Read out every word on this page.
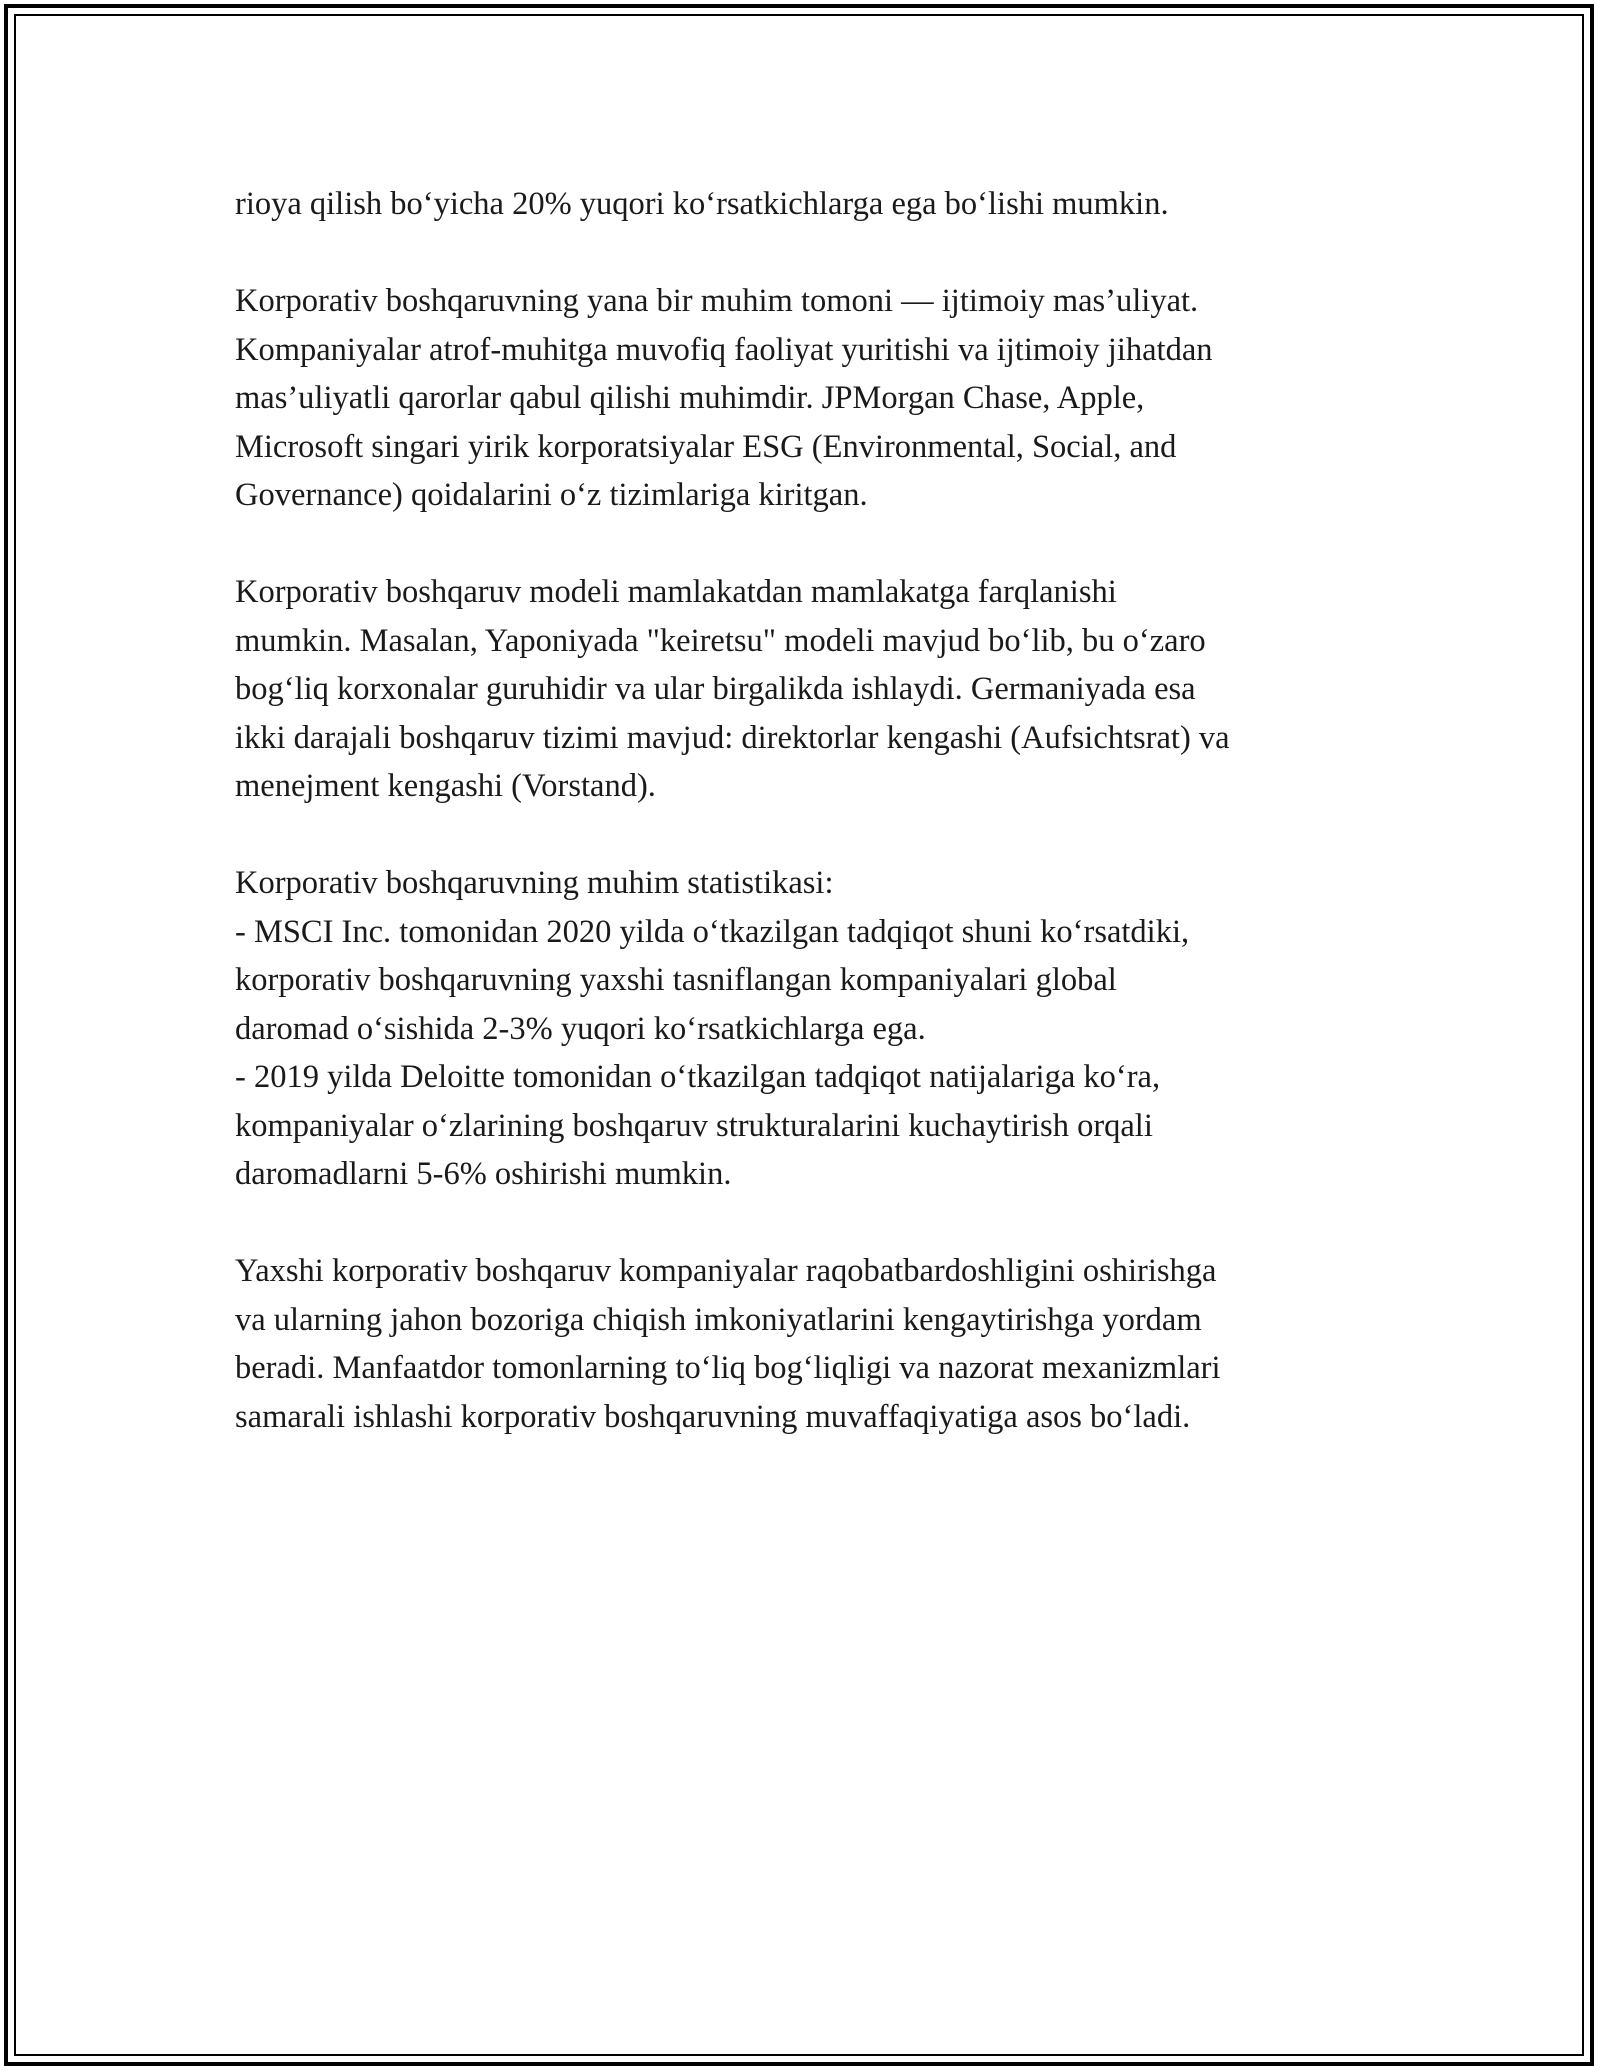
rioya qilish bo‘yicha 20% yuqori ko‘rsatkichlarga ega bo‘lishi mumkin.

Korporativ boshqaruvning yana bir muhim tomoni — ijtimoiy mas’uliyat.
Kompaniyalar atrof-muhitga muvofiq faoliyat yuritishi va ijtimoiy jihatdan
mas’uliyatli qarorlar qabul qilishi muhimdir. JPMorgan Chase, Apple,
Microsoft singari yirik korporatsiyalar ESG (Environmental, Social, and
Governance) qoidalarini o‘z tizimlariga kiritgan.

Korporativ boshqaruv modeli mamlakatdan mamlakatga farqlanishi
mumkin. Masalan, Yaponiyada "keiretsu" modeli mavjud bo‘lib, bu o‘zaro
bog‘liq korxonalar guruhidir va ular birgalikda ishlaydi. Germaniyada esa
ikki darajali boshqaruv tizimi mavjud: direktorlar kengashi (Aufsichtsrat) va
menejment kengashi (Vorstand).

Korporativ boshqaruvning muhim statistikasi:
- MSCI Inc. tomonidan 2020 yilda o‘tkazilgan tadqiqot shuni ko‘rsatdiki,
korporativ boshqaruvning yaxshi tasniflangan kompaniyalari global
daromad o‘sishida 2-3% yuqori ko‘rsatkichlarga ega.
- 2019 yilda Deloitte tomonidan o‘tkazilgan tadqiqot natijalariga ko‘ra,
kompaniyalar o‘zlarining boshqaruv strukturalarini kuchaytirish orqali
daromadlarni 5-6% oshirishi mumkin.

Yaxshi korporativ boshqaruv kompaniyalar raqobatbardoshligini oshirishga
va ularning jahon bozoriga chiqish imkoniyatlarini kengaytirishga yordam
beradi. Manfaatdor tomonlarning to‘liq bog‘liqligi va nazorat mexanizmlari
samarali ishlashi korporativ boshqaruvning muvaffaqiyatiga asos bo‘ladi.
